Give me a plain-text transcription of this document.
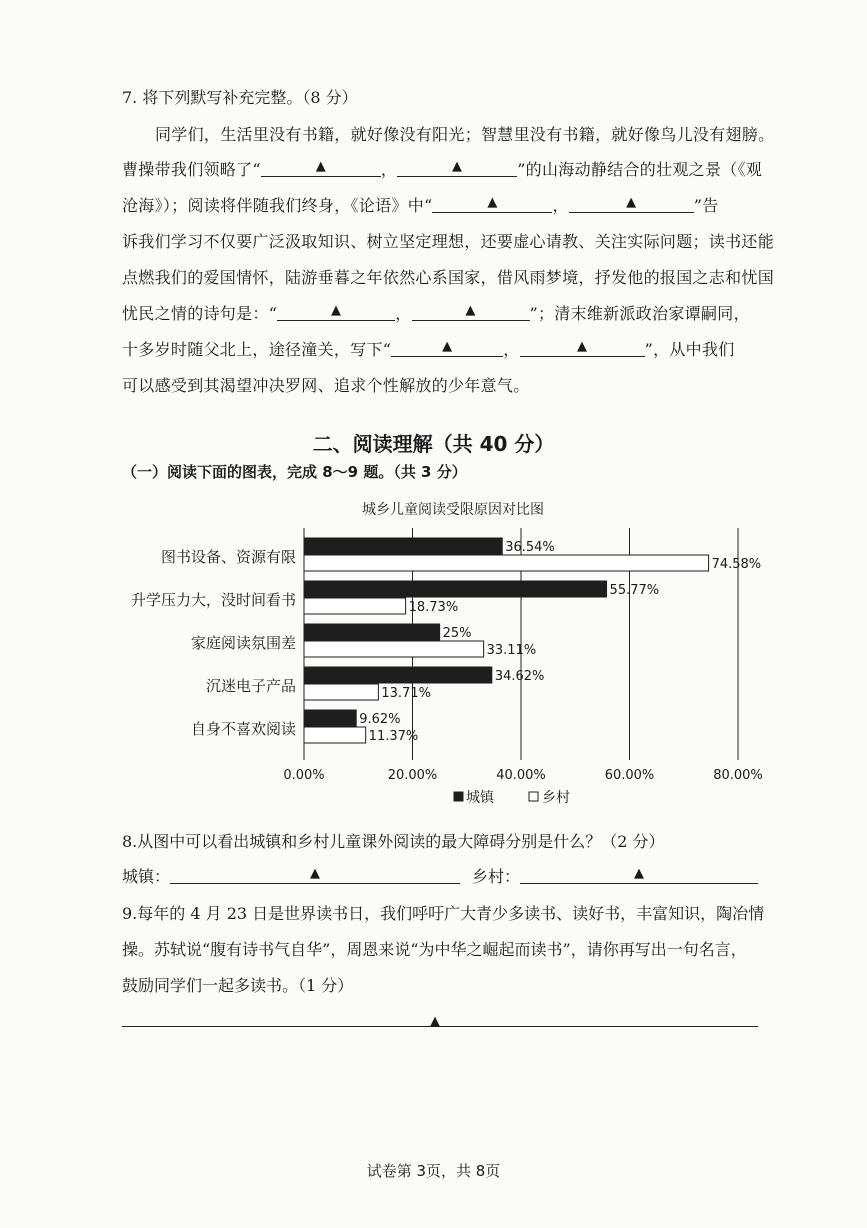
7. 将下列默写补充完整。（8 分）
同学们，生活里没有书籍，就好像没有阳光；智慧里没有书籍，就好像鸟儿没有翅膀。
曹操带我们领略了“	▲	，	▲	”的山海动静结合的壮观之景（《观
沧海》）；阅读将伴随我们终身，《论语》中“	▲	，	▲	”告
诉我们学习不仅要广泛汲取知识、树立坚定理想，还要虚心请教、关注实际问题；读书还能
点燃我们的爱国情怀，陆游垂暮之年依然心系国家，借风雨梦境，抒发他的报国之志和忧国
忧民之情的诗句是：“	▲	，	▲	”；清末维新派政治家谭嗣同，
十多岁时随父北上，途径潼关，写下“	▲	，	▲	”，从中我们
可以感受到其渴望冲决罗网、追求个性解放的少年意气。
二、阅读理解（共 40 分）
（一）阅读下面的图表，完成 8～9 题。（共 3 分）
城乡儿童阅读受限原因对比图
图书设备、资源有限
36.54%
74.58%
升学压力大，没时间看书
55.77%
18.73%
家庭阅读氛围差
25%
33.11%
沉迷电子产品
34.62%
13.71%
自身不喜欢阅读
9.62%
11.37%
0.00%	20.00%	40.00%	60.00%	80.00%
城镇	乡村
8.从图中可以看出城镇和乡村儿童课外阅读的最大障碍分别是什么？（2 分）
城镇：	▲	乡村：	▲
9.每年的 4 月 23 日是世界读书日，我们呼吁广大青少多读书、读好书，丰富知识，陶冶情
操。苏轼说“腹有诗书气自华”，周恩来说“为中华之崛起而读书”，请你再写出一句名言，
鼓励同学们一起多读书。（1 分）
▲
试卷第 3页，共 8页
